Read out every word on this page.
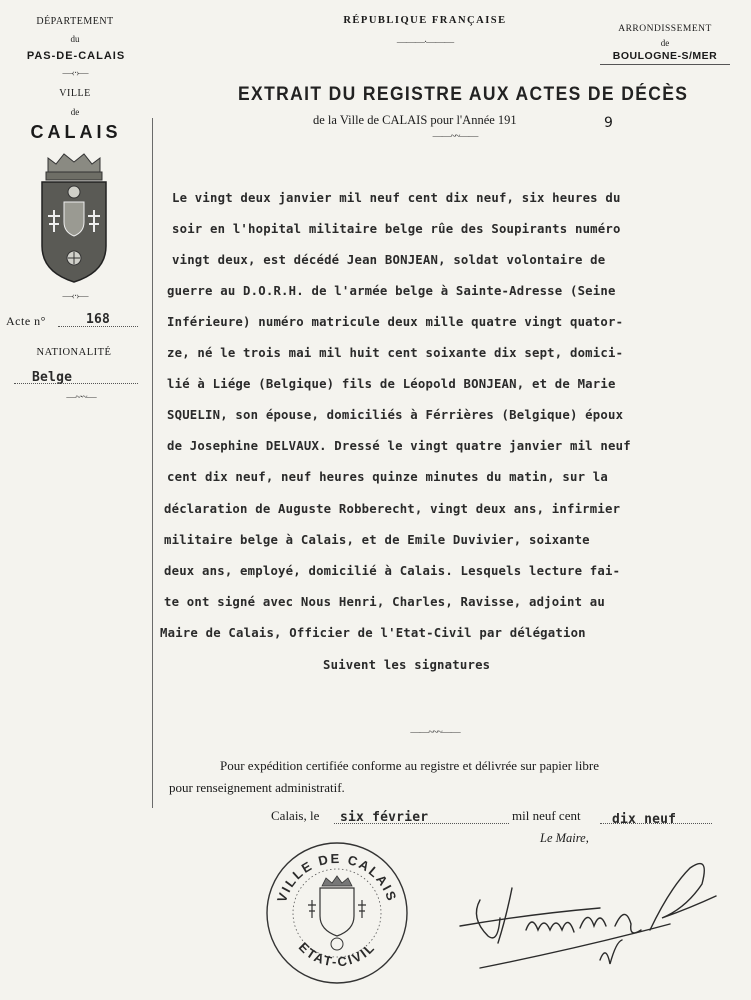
DÉPARTEMENT
du
PAS-DE-CALAIS
—‹·›—
VILLE
de
CALAIS
—‹·›—
Acte n°	168
NATIONALITÉ
Belge
—~·~—
RÉPUBLIQUE FRANÇAISE
———·———
EXTRAIT DU REGISTRE AUX ACTES DE DÉCÈS
de la Ville de CALAIS pour l'Année 191	9
——~~——
ARRONDISSEMENT
de
BOULOGNE-S/MER
Le vingt deux janvier mil neuf cent dix neuf, six heures du
soir en l'hopital militaire belge rûe des Soupirants numéro
vingt deux, est décédé Jean BONJEAN, soldat volontaire de
guerre au D.O.R.H. de l'armée belge à Sainte-Adresse (Seine
Inférieure) numéro matricule deux mille quatre vingt quator-
ze, né le trois mai mil huit cent soixante dix sept, domici-
lié à Liége (Belgique) fils de Léopold BONJEAN, et de Marie
SQUELIN, son épouse, domiciliés à Férrières (Belgique) époux
de Josephine DELVAUX. Dressé le vingt quatre janvier mil neuf
cent dix neuf, neuf heures quinze minutes du matin, sur la
déclaration de Auguste Robberecht, vingt deux ans, infirmier
militaire belge à Calais, et de Emile Duvivier, soixante
deux ans, employé, domicilié à Calais. Lesquels lecture fai-
te ont signé avec Nous Henri, Charles, Ravisse, adjoint au
Maire de Calais, Officier de l'Etat-Civil par délégation
Suivent les signatures
——~~~——
Pour expédition certifiée conforme au registre et délivrée sur papier libre
pour renseignement administratif.
Calais, le six février	mil neuf cent dix neuf
Le Maire,
VILLE DE CALAIS
ETAT-CIVIL
